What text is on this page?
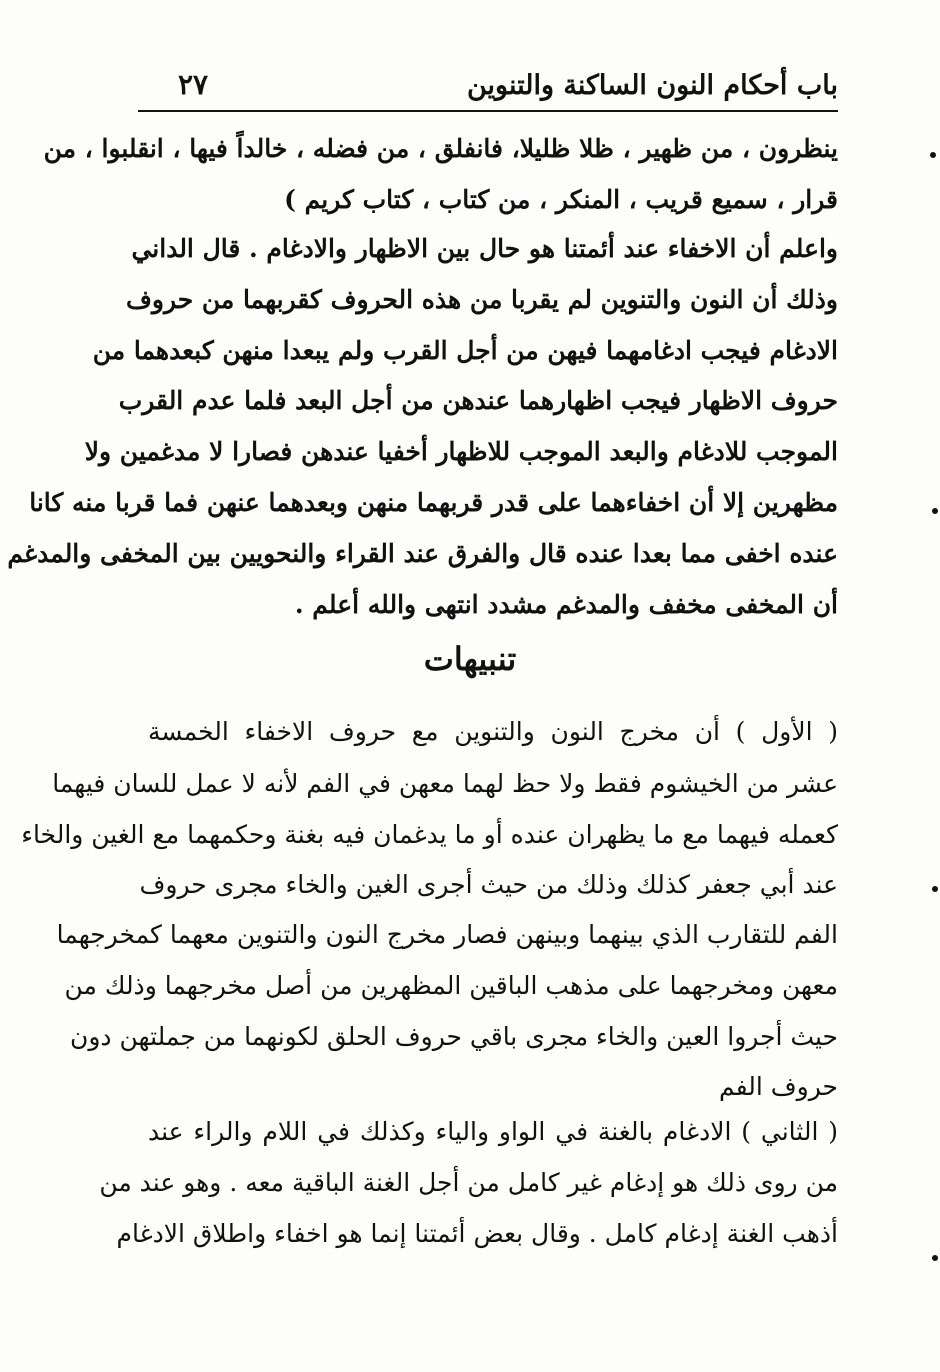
باب أحكام النون الساكنة والتنوين
٢٧
ينظرون ، من ظهير ، ظلا ظليلا، فانفلق ، من فضله ، خالداً فيها ، انقلبوا ، من
قرار ، سميع قريب ، المنكر ، من كتاب ، كتاب كريم )
واعلم أن الاخفاء عند أئمتنا هو حال بين الاظهار والادغام . قال الداني
وذلك أن النون والتنوين لم يقربا من هذه الحروف كقربهما من حروف
الادغام فيجب ادغامهما فيهن من أجل القرب ولم يبعدا منهن كبعدهما من
حروف الاظهار فيجب اظهارهما عندهن من أجل البعد فلما عدم القرب
الموجب للادغام والبعد الموجب للاظهار أخفيا عندهن فصارا لا مدغمين ولا
مظهرين إلا أن اخفاءهما على قدر قربهما منهن وبعدهما عنهن فما قربا منه كانا
عنده اخفى مما بعدا عنده قال والفرق عند القراء والنحويين بين المخفى والمدغم
أن المخفى مخفف والمدغم مشدد انتهى والله أعلم .
تنبيهات
( الأول ) أن مخرج النون والتنوين مع حروف الاخفاء الخمسة
عشر من الخيشوم فقط ولا حظ لهما معهن في الفم لأنه لا عمل للسان فيهما
كعمله فيهما مع ما يظهران عنده أو ما يدغمان فيه بغنة وحكمهما مع الغين والخاء
عند أبي جعفر كذلك وذلك من حيث أجرى الغين والخاء مجرى حروف
الفم للتقارب الذي بينهما وبينهن فصار مخرج النون والتنوين معهما كمخرجهما
معهن ومخرجهما على مذهب الباقين المظهرين من أصل مخرجهما وذلك من
حيث أجروا العين والخاء مجرى باقي حروف الحلق لكونهما من جملتهن دون
حروف الفم
( الثاني ) الادغام بالغنة في الواو والياء وكذلك في اللام والراء عند
من روى ذلك هو إدغام غير كامل من أجل الغنة الباقية معه . وهو عند من
أذهب الغنة إدغام كامل . وقال بعض أئمتنا إنما هو اخفاء واطلاق الادغام
